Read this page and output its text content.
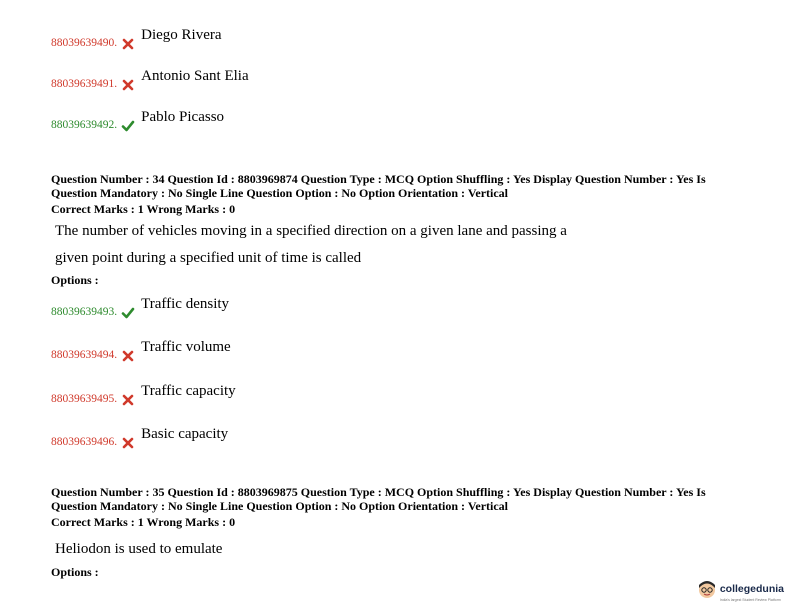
88039639490. Diego Rivera
88039639491. Antonio Sant Elia
88039639492. Pablo Picasso
Question Number : 34 Question Id : 8803969874 Question Type : MCQ Option Shuffling : Yes Display Question Number : Yes Is
Question Mandatory : No Single Line Question Option : No Option Orientation : Vertical
Correct Marks : 1 Wrong Marks : 0
The number of vehicles moving in a specified direction on a given lane and passing a
given point during a specified unit of time is called
Options :
88039639493. Traffic density
88039639494. Traffic volume
88039639495. Traffic capacity
88039639496. Basic capacity
Question Number : 35 Question Id : 8803969875 Question Type : MCQ Option Shuffling : Yes Display Question Number : Yes Is
Question Mandatory : No Single Line Question Option : No Option Orientation : Vertical
Correct Marks : 1 Wrong Marks : 0
Heliodon is used to emulate
Options :
collegedunia
India's largest Student Review Platform
